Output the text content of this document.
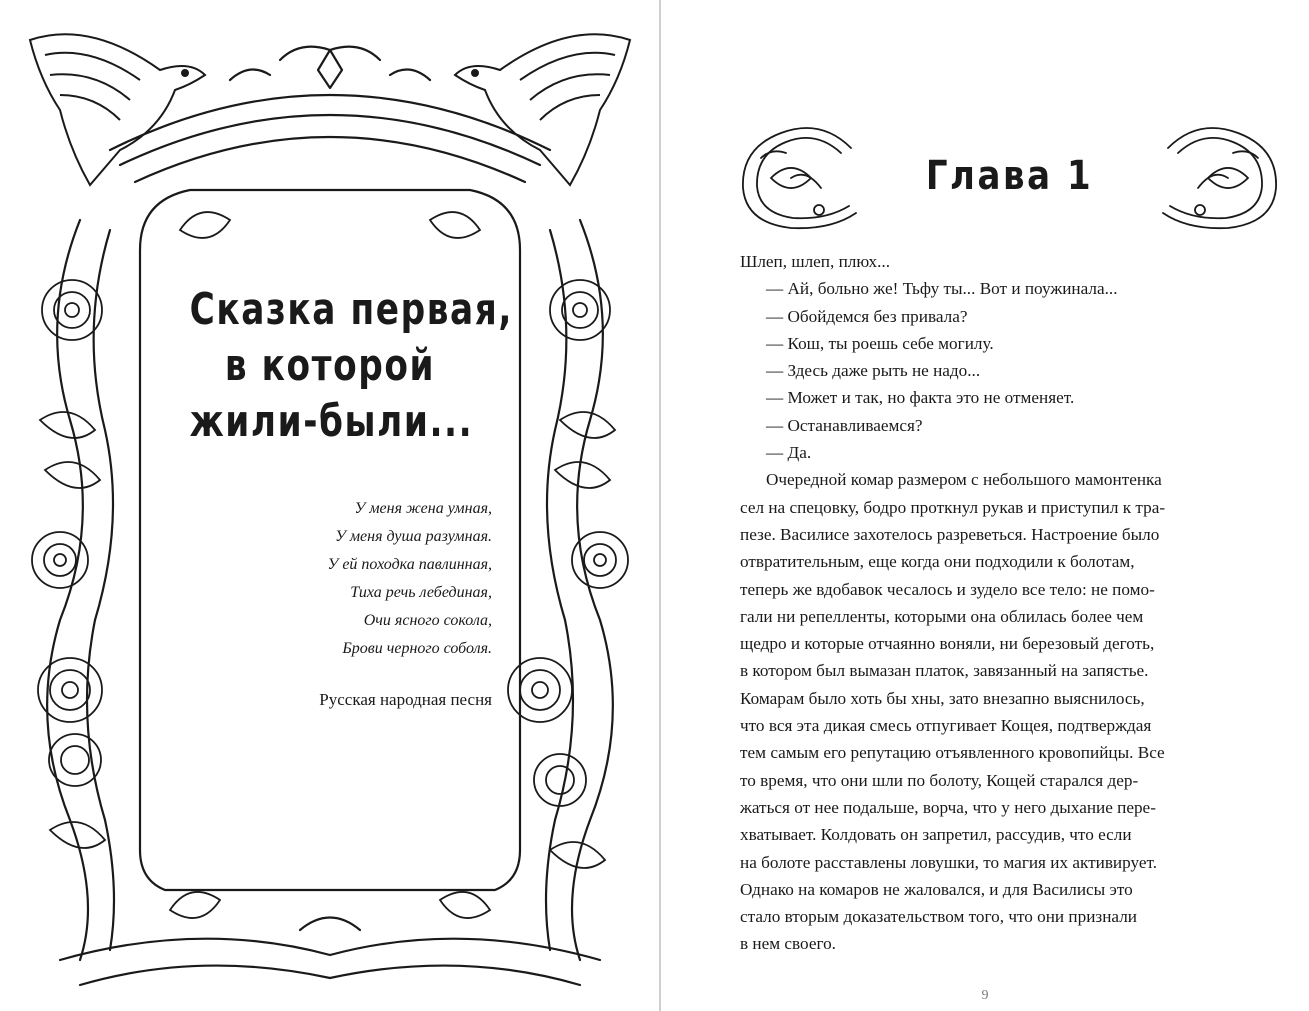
Сказка первая,
в которой
жили-были...
У меня жена умная,
У меня душа разумная.
У ей походка павлинная,
Тиха речь лебединая,
Очи ясного сокола,
Брови черного соболя.
Русская народная песня
Глава 1

Шлеп, шлеп, плюх...

— Ай, больно же! Тьфу ты... Вот и поужинала...

— Обойдемся без привала?

— Кош, ты роешь себе могилу.

— Здесь даже рыть не надо...

— Может и так, но факта это не отменяет.

— Останавливаемся?

— Да.

Очередной комар размером с небольшого мамонтенка

сел на спецовку, бодро проткнул рукав и приступил к тра-

пезе. Василисе захотелось разреветься. Настроение было

отвратительным, еще когда они подходили к болотам,

теперь же вдобавок чесалось и зудело все тело: не помо-

гали ни репелленты, которыми она облилась более чем

щедро и которые отчаянно воняли, ни березовый деготь,

в котором был вымазан платок, завязанный на запястье.

Комарам было хоть бы хны, зато внезапно выяснилось,

что вся эта дикая смесь отпугивает Кощея, подтверждая

тем самым его репутацию отъявленного кровопийцы. Все

то время, что они шли по болоту, Кощей старался дер-

жаться от нее подальше, ворча, что у него дыхание пере-

хватывает. Колдовать он запретил, рассудив, что если

на болоте расставлены ловушки, то магия их активирует.

Однако на комаров не жаловался, и для Василисы это

стало вторым доказательством того, что они признали

в нем своего.

9
